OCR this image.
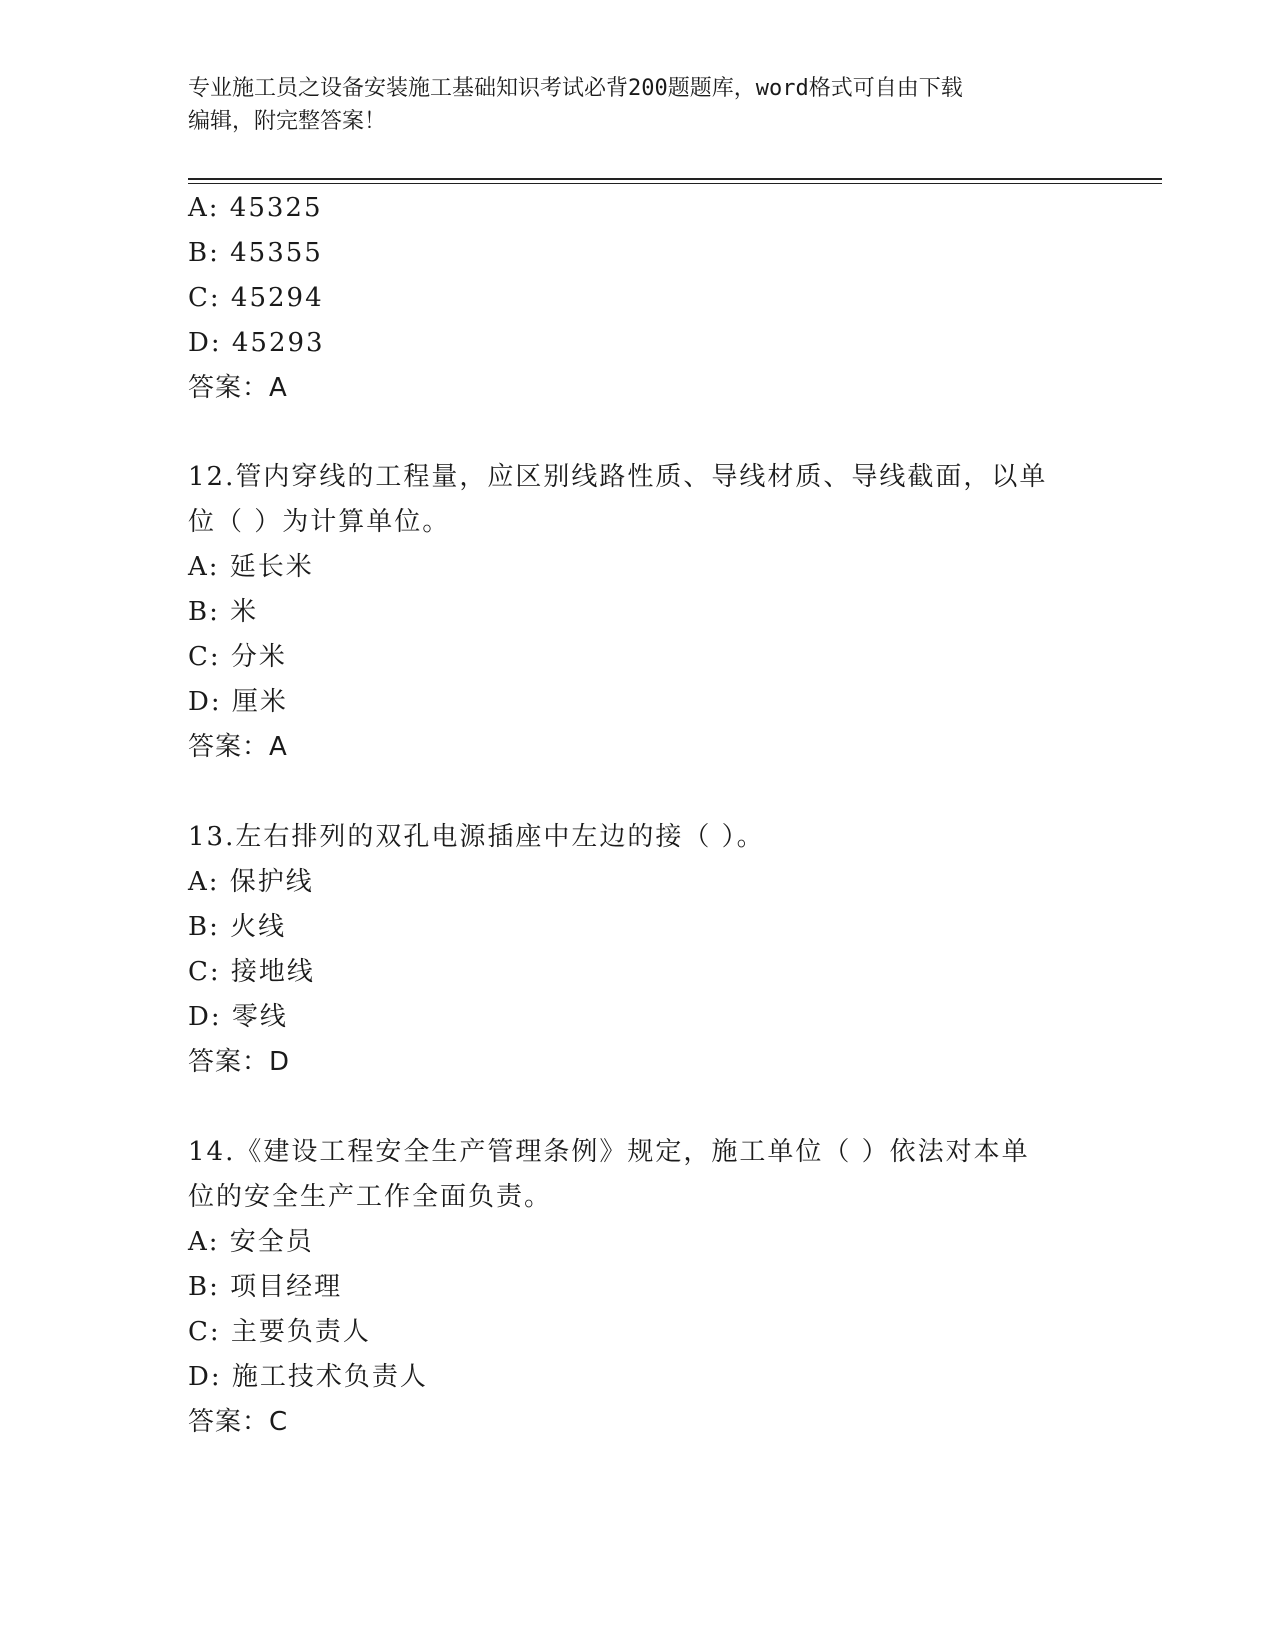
专业施工员之设备安装施工基础知识考试必背200题题库，word格式可自由下载
编辑，附完整答案！
A: 45325
B: 45355
C: 45294
D: 45293
答案：A
12.管内穿线的工程量，应区别线路性质、导线材质、导线截面，以单
位（ ）为计算单位。
A: 延长米
B: 米
C: 分米
D: 厘米
答案：A
13.左右排列的双孔电源插座中左边的接（ ）。
A: 保护线
B: 火线
C: 接地线
D: 零线
答案：D
14.《建设工程安全生产管理条例》规定，施工单位（ ）依法对本单
位的安全生产工作全面负责。
A: 安全员
B: 项目经理
C: 主要负责人
D: 施工技术负责人
答案：C
